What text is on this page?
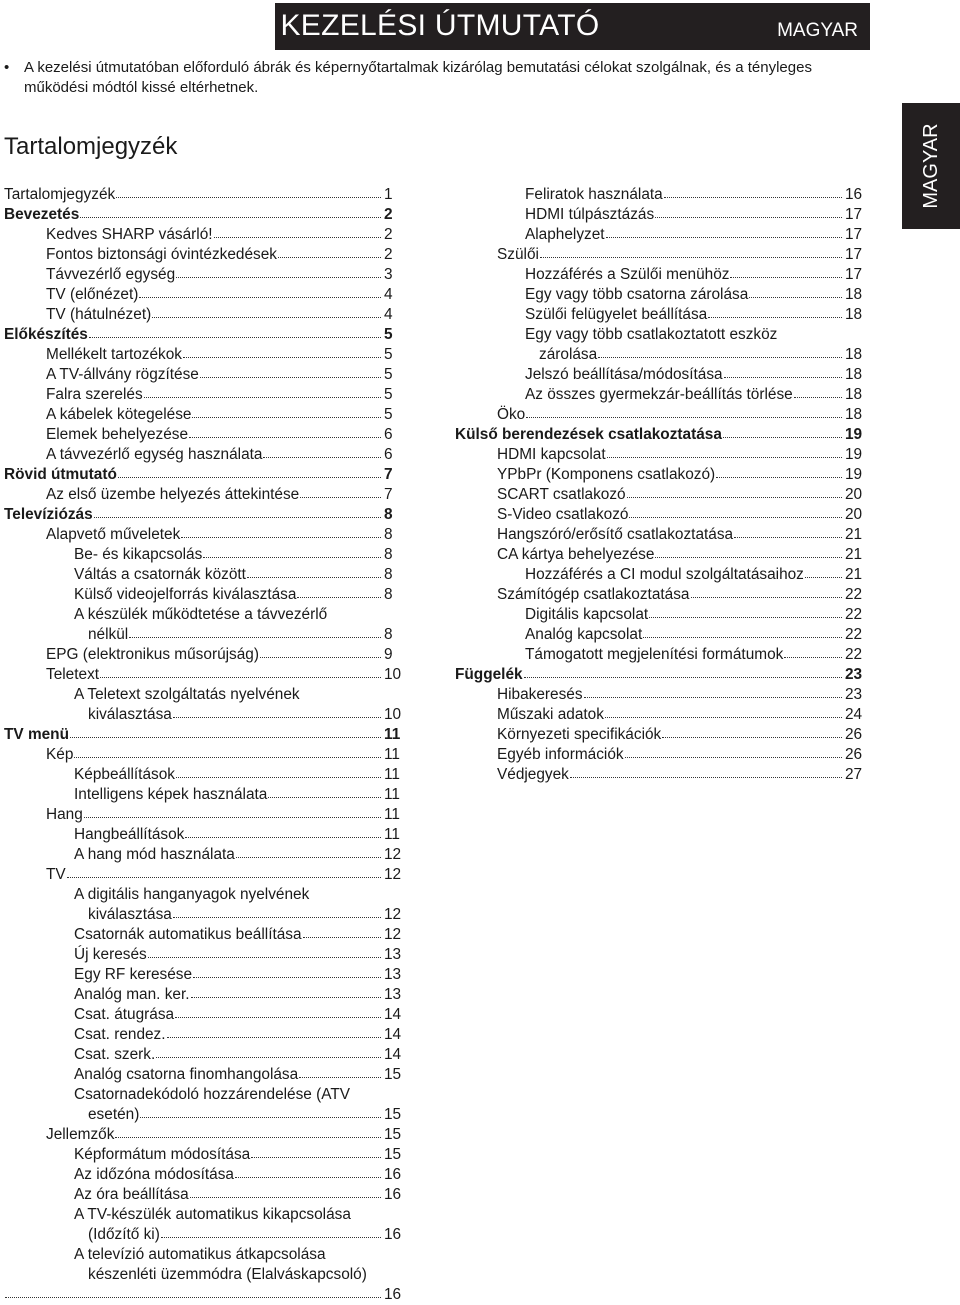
KEZELÉSI ÚTMUTATÓ	MAGYAR
• A kezelési útmutatóban előforduló ábrák és képernyőtartalmak kizárólag bemutatási célokat szolgálnak, és a tényleges működési módtól kissé eltérhetnek.
Tartalomjegyzék	MAGYAR
Tartalomjegyzék	1
Bevezetés	2
Kedves SHARP vásárló!	2
Fontos biztonsági óvintézkedések	2
Távvezérlő egység	3
TV (előnézet)	4
TV (hátulnézet)	4
Előkészítés	5
Mellékelt tartozékok	5
A TV-állvány rögzítése	5
Falra szerelés	5
A kábelek kötegelése	5
Elemek behelyezése	6
A távvezérlő egység használata	6
Rövid útmutató	7
Az első üzembe helyezés áttekintése	7
Televíziózás	8
Alapvető műveletek	8
Be- és kikapcsolás	8
Váltás a csatornák között	8
Külső videojelforrás kiválasztása	8
A készülék működtetése a távvezérlő
nélkül	8
EPG (elektronikus műsorújság)	9
Teletext	10
A Teletext szolgáltatás nyelvének
kiválasztása	10
TV menü	11
Kép	11
Képbeállítások	11
Intelligens képek használata	11
Hang	11
Hangbeállítások	11
A hang mód használata	12
TV	12
A digitális hanganyagok nyelvének
kiválasztása	12
Csatornák automatikus beállítása	12
Új keresés	13
Egy RF keresése	13
Analóg man. ker.	13
Csat. átugrása	14
Csat. rendez.	14
Csat. szerk.	14
Analóg csatorna finomhangolása	15
Csatornadekódoló hozzárendelése (ATV
esetén)	15
Jellemzők	15
Képformátum módosítása	15
Az időzóna módosítása	16
Az óra beállítása	16
A TV-készülék automatikus kikapcsolása
(Időzítő ki)	16
A televízió automatikus átkapcsolása
készenléti üzemmódra (Elalváskapcsoló)
16
Feliratok használata	16
HDMI túlpásztázás	17
Alaphelyzet	17
Szülői	17
Hozzáférés a Szülői menühöz	17
Egy vagy több csatorna zárolása	18
Szülői felügyelet beállítása	18
Egy vagy több csatlakoztatott eszköz
zárolása	18
Jelszó beállítása/módosítása	18
Az összes gyermekzár-beállítás törlése	18
Öko	18
Külső berendezések csatlakoztatása	19
HDMI kapcsolat	19
YPbPr (Komponens csatlakozó)	19
SCART csatlakozó	20
S-Video csatlakozó	20
Hangszóró/erősítő csatlakoztatása	21
CA kártya behelyezése	21
Hozzáférés a CI modul szolgáltatásaihoz	21
Számítógép csatlakoztatása	22
Digitális kapcsolat	22
Analóg kapcsolat	22
Támogatott megjelenítési formátumok	22
Függelék	23
Hibakeresés	23
Műszaki adatok	24
Környezeti specifikációk	26
Egyéb információk	26
Védjegyek	27
